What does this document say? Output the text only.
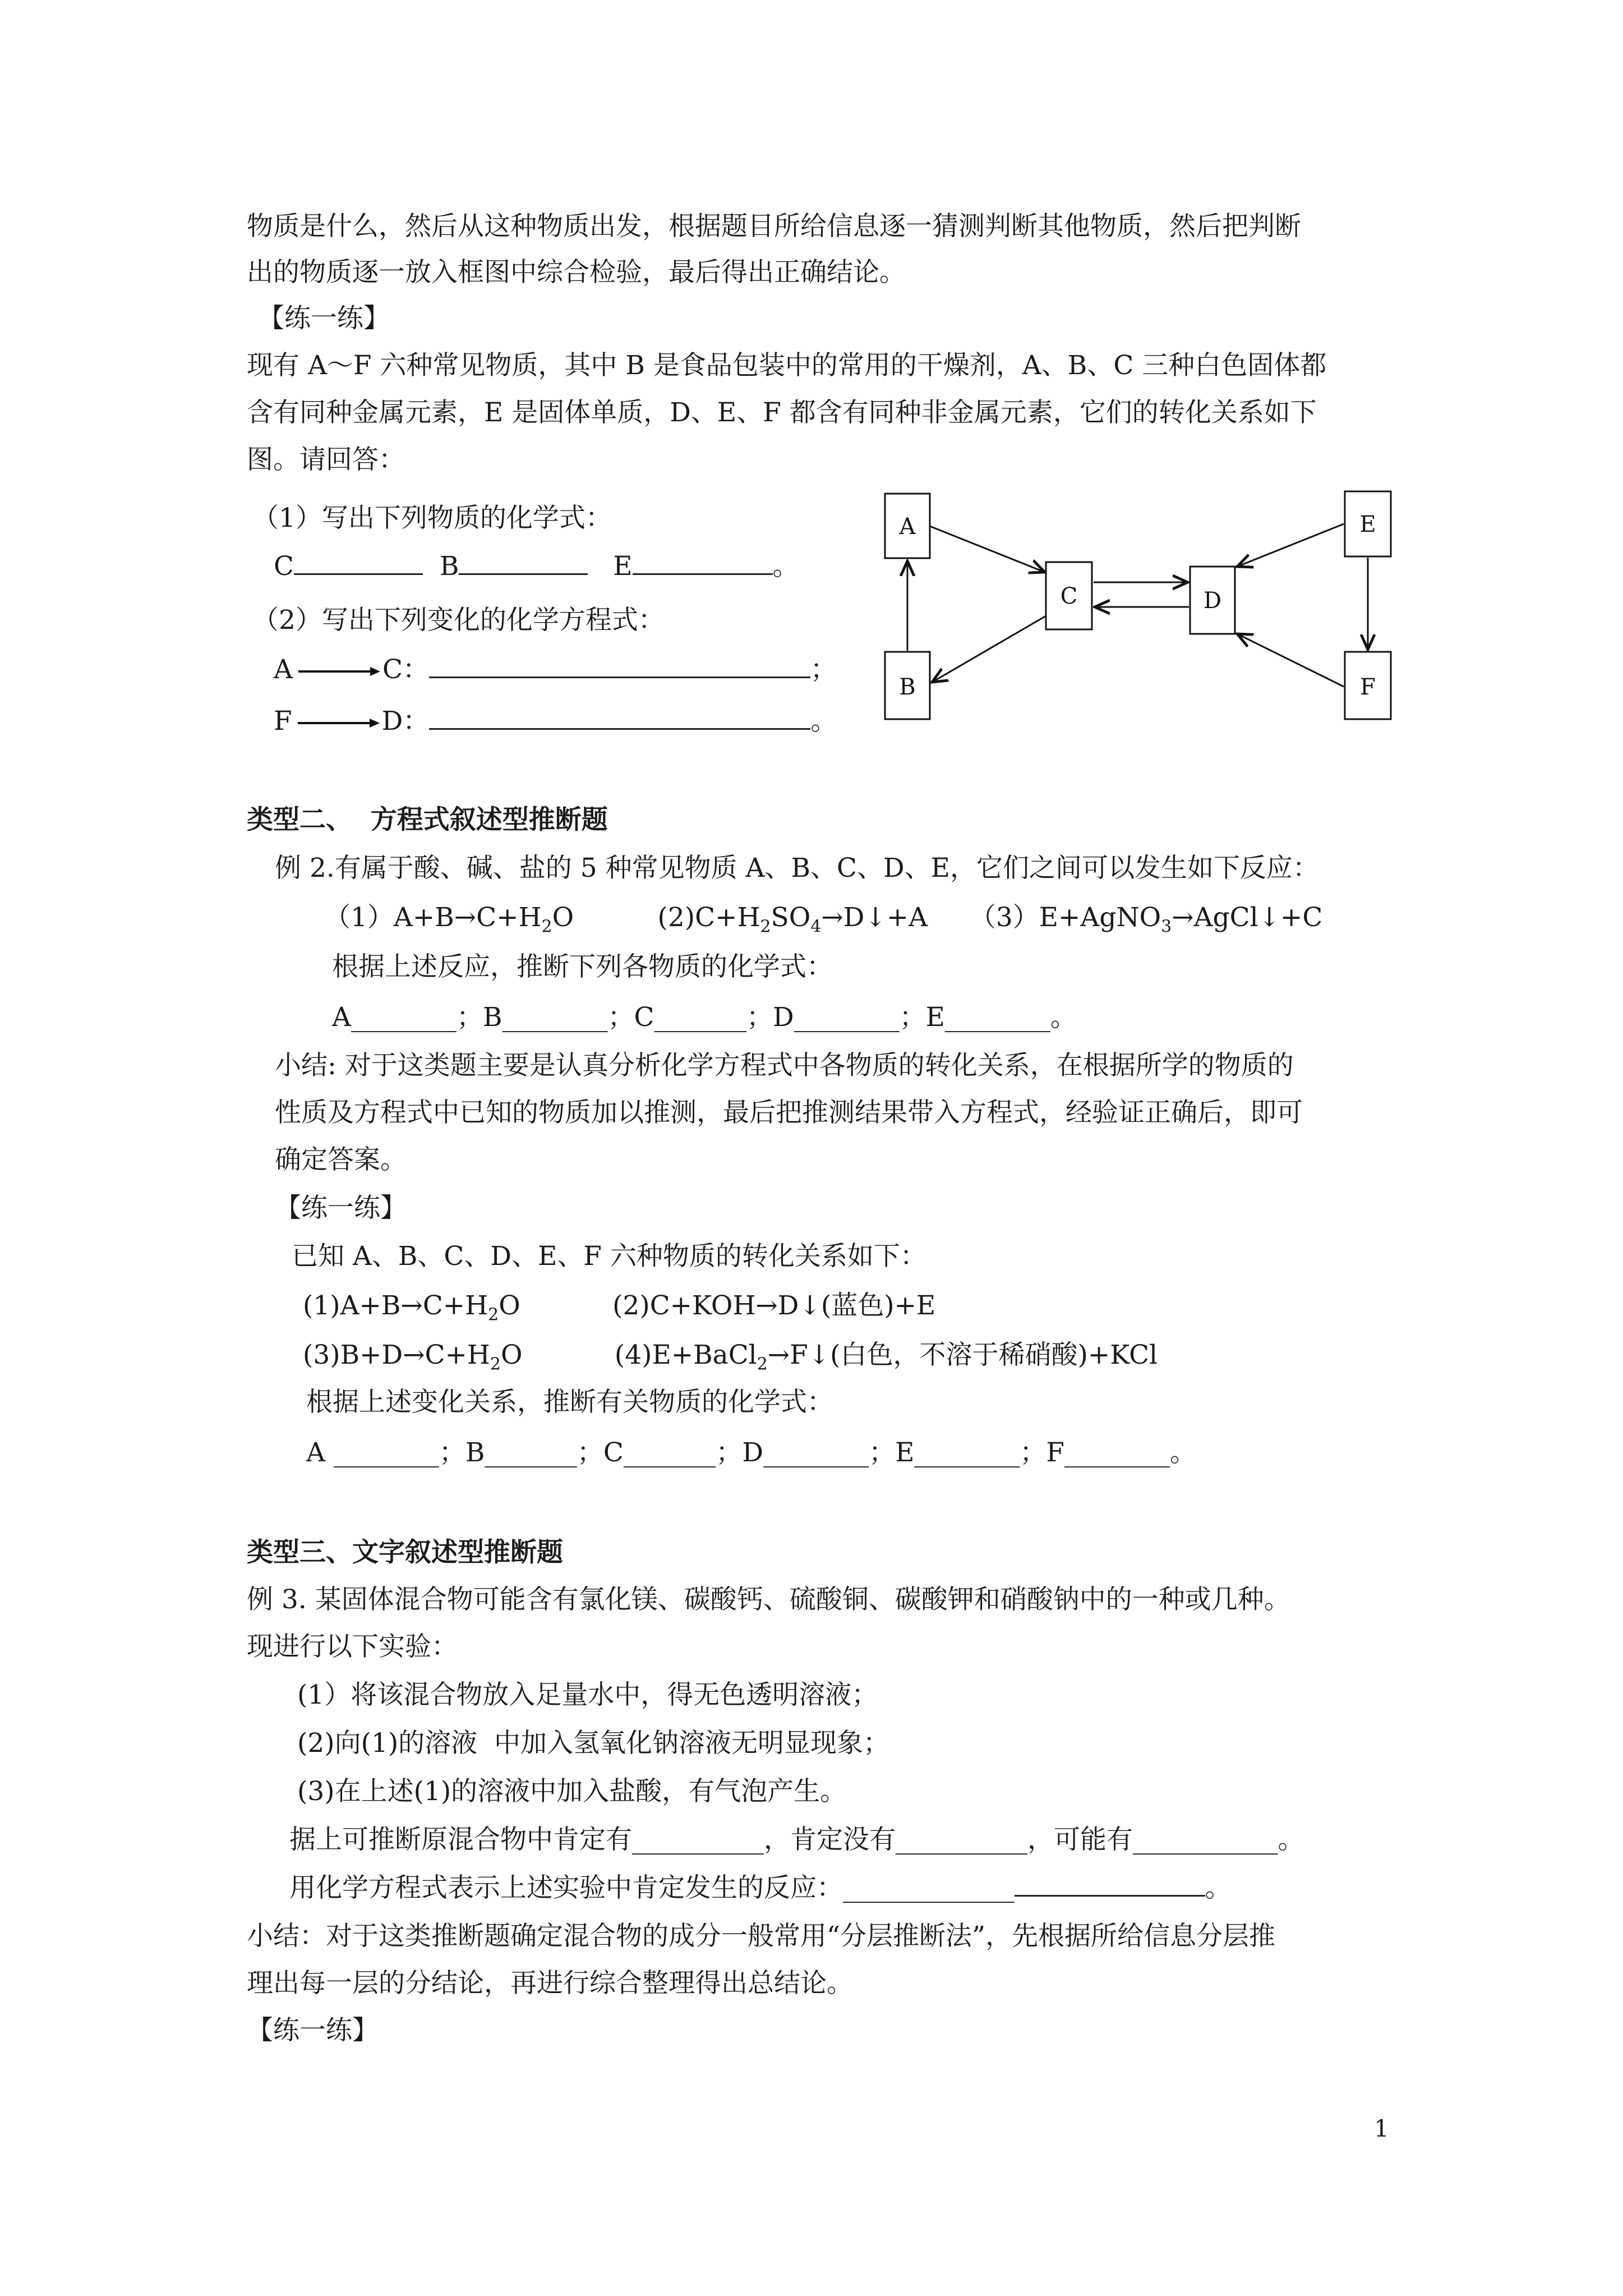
物质是什么，然后从这种物质出发，根据题目所给信息逐一猜测判断其他物质，然后把判断
出的物质逐一放入框图中综合检验，最后得出正确结论。
【练一练】
现有 A～F 六种常见物质，其中 B 是食品包装中的常用的干燥剂，A、B、C 三种白色固体都
含有同种金属元素，E 是固体单质，D、E、F 都含有同种非金属元素，它们的转化关系如下
图。请回答：
（1）写出下列物质的化学式：
C	B	E	。
（2）写出下列变化的化学方程式：
A	C：	；
F	D：	。
A
B
C	D
E
F
类型二、  方程式叙述型推断题
例 2.有属于酸、碱、盐的 5 种常见物质 A、B、C、D、E，它们之间可以发生如下反应：
$(1)A+B\to C+H_2O$	$(2)C+H_2SO_4\to D↓+A$ （3）E+AgNO$_3$→AgCl↓+C
根据上述反应，推断下列各物质的化学式：
A________；B________；C_______；D________；E________。
小结: 对于这类题主要是认真分析化学方程式中各物质的转化关系，在根据所学的物质的
性质及方程式中已知的物质加以推测，最后把推测结果带入方程式，经验证正确后，即可
确定答案。
【练一练】
已知 A、B、C、D、E、F 六种物质的转化关系如下：
$(1)A+B\to C+H_2O$	(2)C+KOH→D↓(蓝色)+E
$(3)B+D\to C+H_2O$	(4)E+BaCl$_2$→F↓(白色，不溶于稀硝酸)+KCl
根据上述变化关系，推断有关物质的化学式：
A ________；B_______；C_______；D________；E________；F________。
类型三、文字叙述型推断题
例 3. 某固体混合物可能含有氯化镁、碳酸钙、硫酸铜、碳酸钾和硝酸钠中的一种或几种。
现进行以下实验：
(1）将该混合物放入足量水中，得无色透明溶液；
(2)向(1)的溶液  中加入氢氧化钠溶液无明显现象；
(3)在上述(1)的溶液中加入盐酸，有气泡产生。
据上可推断原混合物中肯定有__________，肯定没有__________，可能有___________。
用化学方程式表示上述实验中肯定发生的反应：_____________	。
小结：对于这类推断题确定混合物的成分一般常用“分层推断法”，先根据所给信息分层推
理出每一层的分结论，再进行综合整理得出总结论。
【练一练】
1
